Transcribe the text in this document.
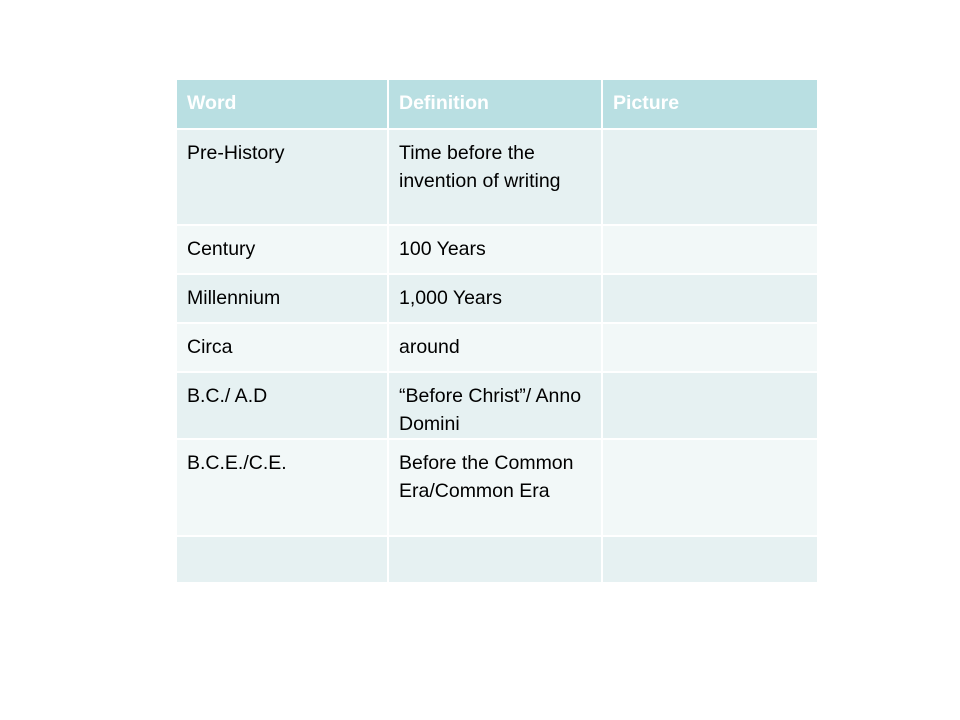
Word	Definition	Picture
Pre-History	Time before the invention of writing	
Century	100 Years	
Millennium	1,000 Years	
Circa	around	
B.C./ A.D	“Before Christ”/ Anno Domini	
B.C.E./C.E.	Before the Common Era/Common Era	
